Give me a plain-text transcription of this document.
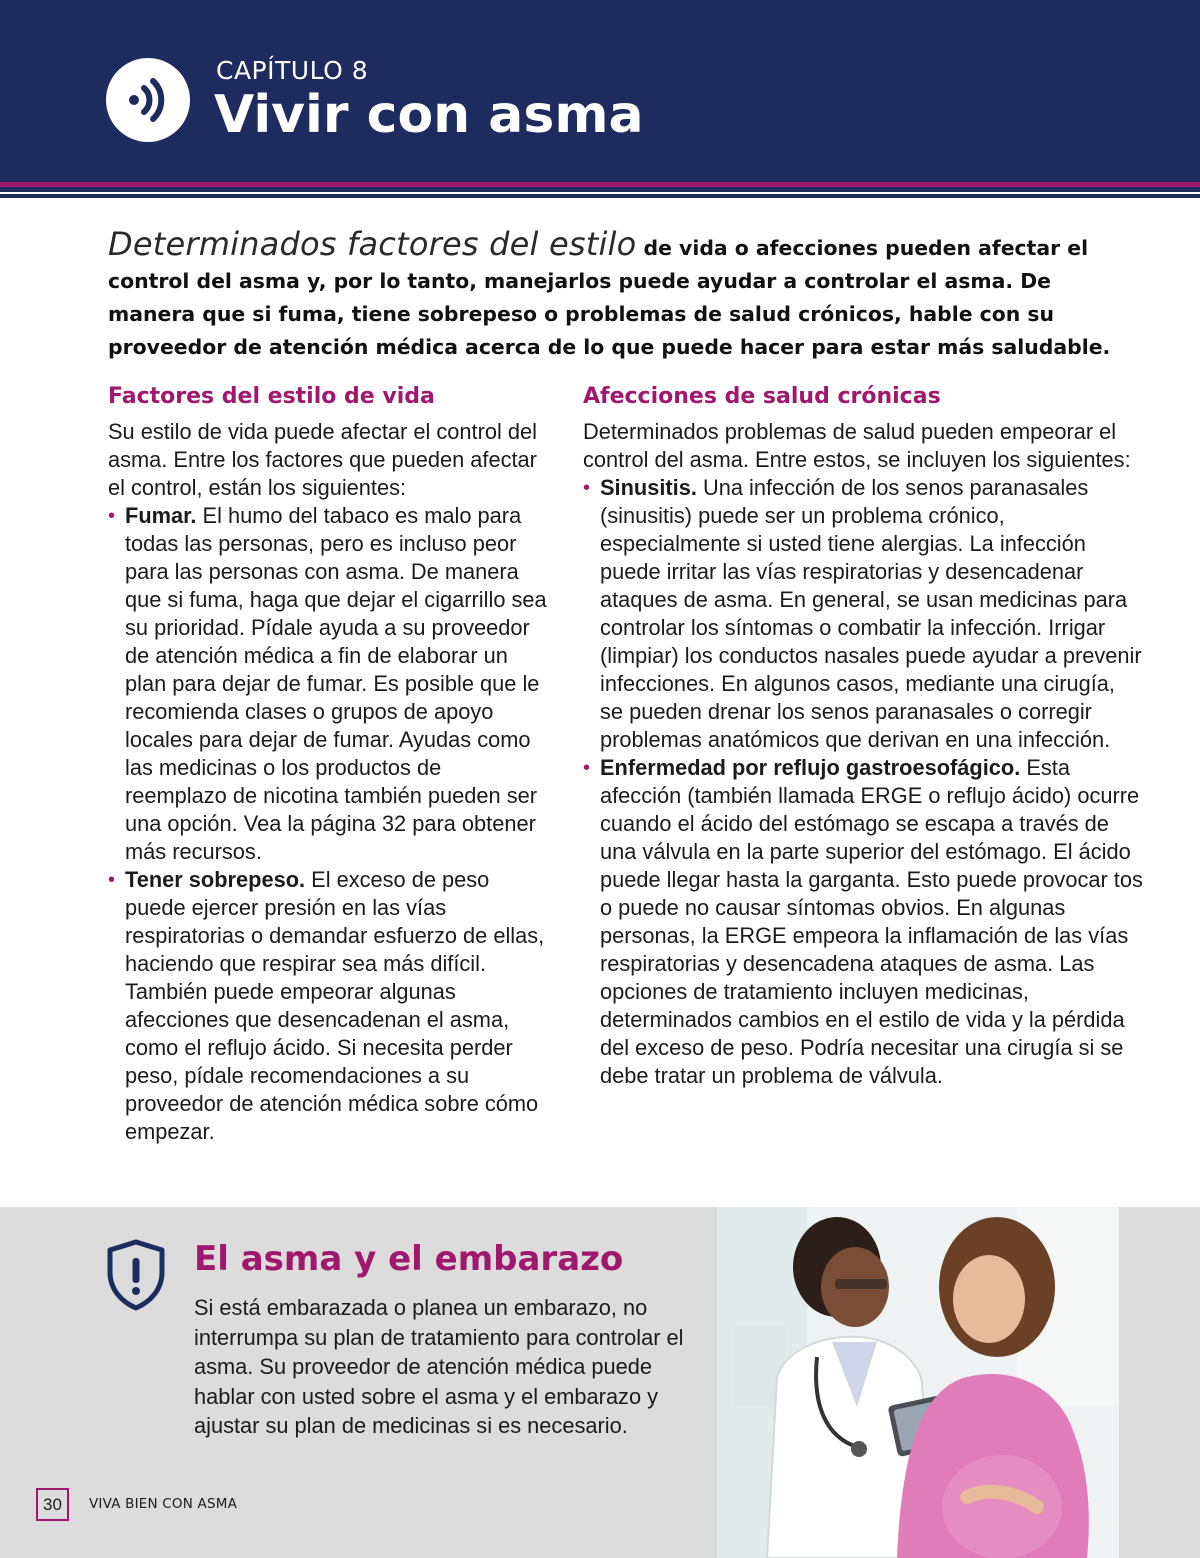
CAPÍTULO 8
Vivir con asma
Determinados factores del estilo de vida o afecciones pueden afectar el control del asma y, por lo tanto, manejarlos puede ayudar a controlar el asma. De manera que si fuma, tiene sobrepeso o problemas de salud crónicos, hable con su proveedor de atención médica acerca de lo que puede hacer para estar más saludable.
Factores del estilo de vida

Su estilo de vida puede afectar el control del asma. Entre los factores que pueden afectar el control, están los siguientes:

• Fumar. El humo del tabaco es malo para todas las personas, pero es incluso peor para las personas con asma. De manera que si fuma, haga que dejar el cigarrillo sea su prioridad. Pídale ayuda a su proveedor de atención médica a fin de elaborar un plan para dejar de fumar. Es posible que le recomienda clases o grupos de apoyo locales para dejar de fumar. Ayudas como las medicinas o los productos de reemplazo de nicotina también pueden ser una opción. Vea la página 32 para obtener más recursos.
• Tener sobrepeso. El exceso de peso puede ejercer presión en las vías respiratorias o demandar esfuerzo de ellas, haciendo que respirar sea más difícil. También puede empeorar algunas afecciones que desencadenan el asma, como el reflujo ácido. Si necesita perder peso, pídale recomendaciones a su proveedor de atención médica sobre cómo empezar.
Afecciones de salud crónicas

Determinados problemas de salud pueden empeorar el control del asma. Entre estos, se incluyen los siguientes:

• Sinusitis. Una infección de los senos paranasales (sinusitis) puede ser un problema crónico, especialmente si usted tiene alergias. La infección puede irritar las vías respiratorias y desencadenar ataques de asma. En general, se usan medicinas para controlar los síntomas o combatir la infección. Irrigar (limpiar) los conductos nasales puede ayudar a prevenir infecciones. En algunos casos, mediante una cirugía, se pueden drenar los senos paranasales o corregir problemas anatómicos que derivan en una infección.
• Enfermedad por reflujo gastroesofágico. Esta afección (también llamada ERGE o reflujo ácido) ocurre cuando el ácido del estómago se escapa a través de una válvula en la parte superior del estómago. El ácido puede llegar hasta la garganta. Esto puede provocar tos o puede no causar síntomas obvios. En algunas personas, la ERGE empeora la inflamación de las vías respiratorias y desencadena ataques de asma. Las opciones de tratamiento incluyen medicinas, determinados cambios en el estilo de vida y la pérdida del exceso de peso. Podría necesitar una cirugía si se debe tratar un problema de válvula.
El asma y el embarazo
Si está embarazada o planea un embarazo, no interrumpa su plan de tratamiento para controlar el asma. Su proveedor de atención médica puede hablar con usted sobre el asma y el embarazo y ajustar su plan de medicinas si es necesario.
30	VIVA BIEN CON ASMA
